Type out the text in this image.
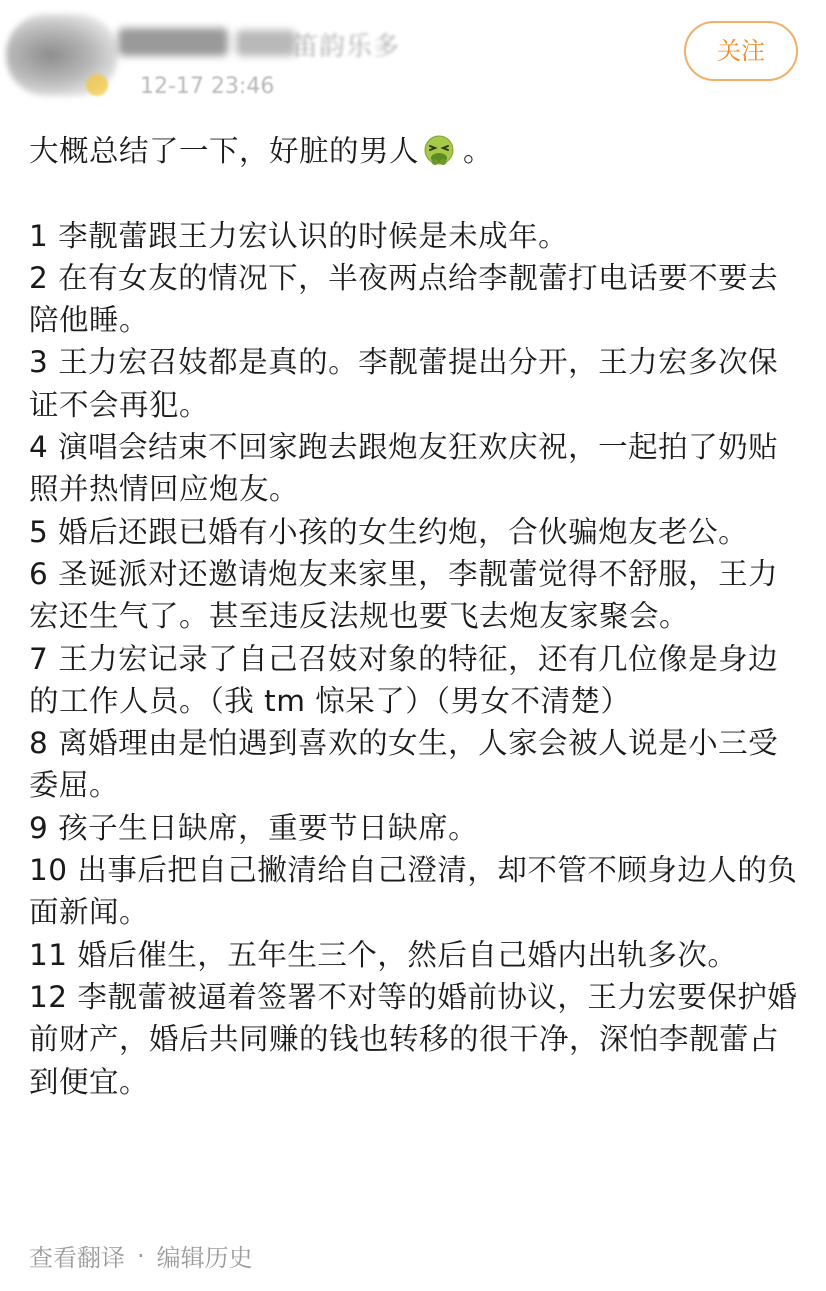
笛韵乐多
12-17 23:46
关注
大概总结了一下，好脏的男人 。

1 李靓蕾跟王力宏认识的时候是未成年。

2 在有女友的情况下，半夜两点给李靓蕾打电话要不要去陪他睡。

3 王力宏召妓都是真的。李靓蕾提出分开，王力宏多次保证不会再犯。

4 演唱会结束不回家跑去跟炮友狂欢庆祝，一起拍了奶贴照并热情回应炮友。

5 婚后还跟已婚有小孩的女生约炮，合伙骗炮友老公。

6 圣诞派对还邀请炮友来家里，李靓蕾觉得不舒服，王力宏还生气了。甚至违反法规也要飞去炮友家聚会。

7 王力宏记录了自己召妓对象的特征，还有几位像是身边的工作人员。（我 tm 惊呆了）（男女不清楚）

8 离婚理由是怕遇到喜欢的女生，人家会被人说是小三受委屈。

9 孩子生日缺席，重要节日缺席。

10 出事后把自己撇清给自己澄清，却不管不顾身边人的负面新闻。

11 婚后催生，五年生三个，然后自己婚内出轨多次。

12 李靓蕾被逼着签署不对等的婚前协议，王力宏要保护婚前财产，婚后共同赚的钱也转移的很干净，深怕李靓蕾占到便宜。

查看翻译 · 编辑历史
